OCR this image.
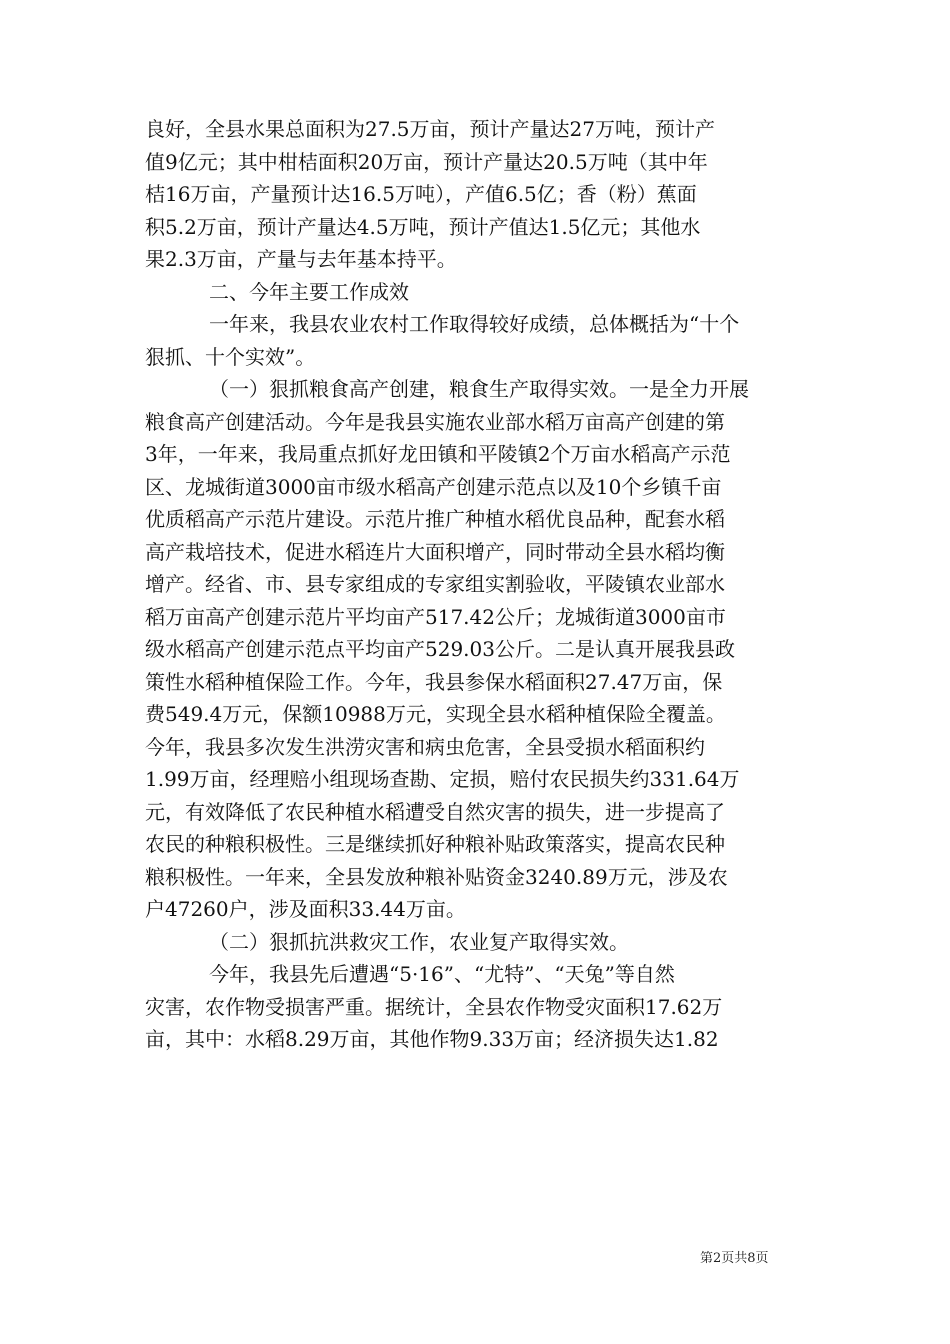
良好，全县水果总面积为27.5万亩，预计产量达27万吨，预计产

值9亿元；其中柑桔面积20万亩，预计产量达20.5万吨（其中年

桔16万亩，产量预计达16.5万吨），产值6.5亿；香（粉）蕉面

积5.2万亩，预计产量达4.5万吨，预计产值达1.5亿元；其他水

果2.3万亩，产量与去年基本持平。

二、今年主要工作成效

一年来，我县农业农村工作取得较好成绩，总体概括为“十个

狠抓、十个实效”。

（一）狠抓粮食高产创建，粮食生产取得实效。一是全力开展

粮食高产创建活动。今年是我县实施农业部水稻万亩高产创建的第

3年，一年来，我局重点抓好龙田镇和平陵镇2个万亩水稻高产示范

区、龙城街道3000亩市级水稻高产创建示范点以及10个乡镇千亩

优质稻高产示范片建设。示范片推广种植水稻优良品种，配套水稻

高产栽培技术，促进水稻连片大面积增产，同时带动全县水稻均衡

增产。经省、市、县专家组成的专家组实割验收，平陵镇农业部水

稻万亩高产创建示范片平均亩产517.42公斤；龙城街道3000亩市

级水稻高产创建示范点平均亩产529.03公斤。二是认真开展我县政

策性水稻种植保险工作。今年，我县参保水稻面积27.47万亩，保

费549.4万元，保额10988万元，实现全县水稻种植保险全覆盖。

今年，我县多次发生洪涝灾害和病虫危害，全县受损水稻面积约

1.99万亩，经理赔小组现场查勘、定损，赔付农民损失约331.64万

元，有效降低了农民种植水稻遭受自然灾害的损失，进一步提高了

农民的种粮积极性。三是继续抓好种粮补贴政策落实，提高农民种

粮积极性。一年来，全县发放种粮补贴资金3240.89万元，涉及农

户47260户，涉及面积33.44万亩。

（二）狠抓抗洪救灾工作，农业复产取得实效。

今年，我县先后遭遇“5·16”、“尤特”、“天兔”等自然

灾害，农作物受损害严重。据统计，全县农作物受灾面积17.62万

亩，其中：水稻8.29万亩，其他作物9.33万亩；经济损失达1.82

第2页共8页
